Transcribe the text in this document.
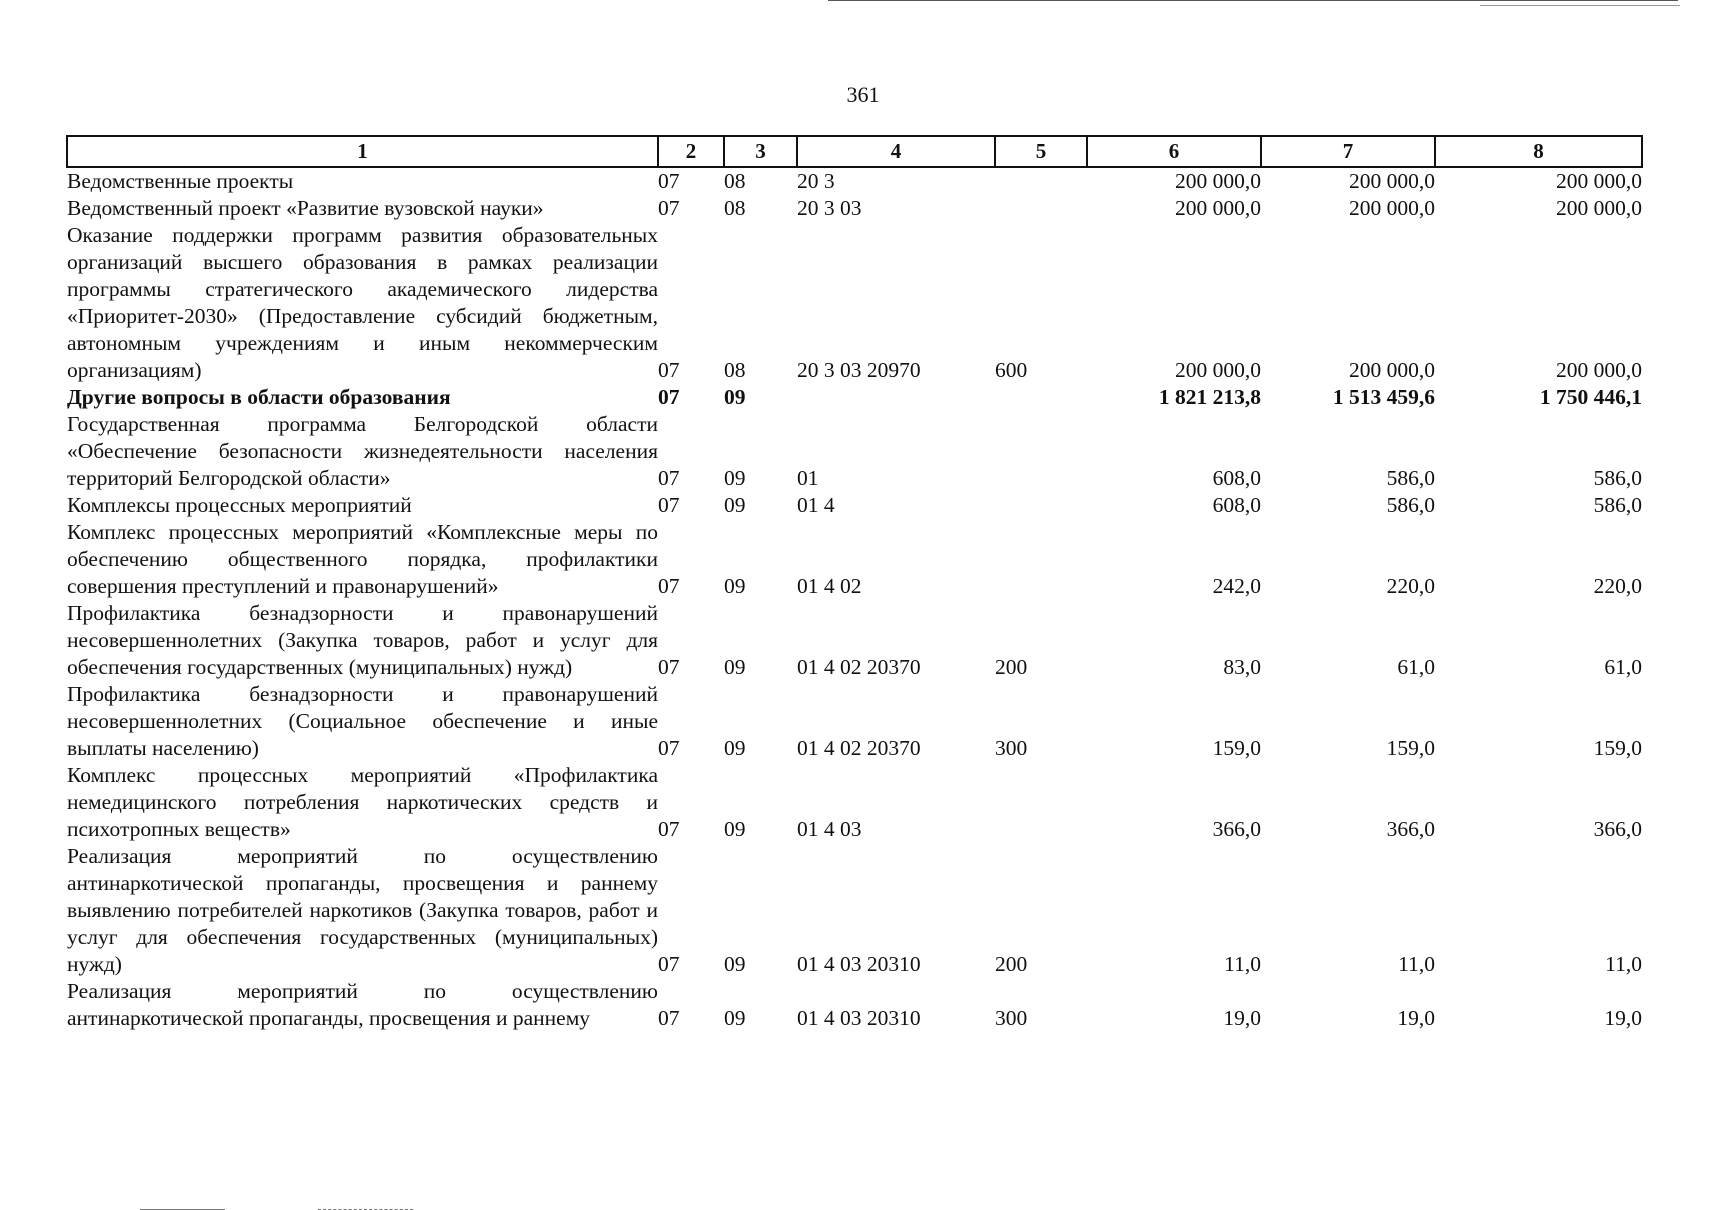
361
1	2	3	4	5	6	7	8
Ведомственные проекты	07	08	20 3		200 000,0	200 000,0	200 000,0
Ведомственный проект «Развитие вузовской науки»	07	08	20 3 03		200 000,0	200 000,0	200 000,0
Оказание поддержки программ развития образовательных организаций высшего образования в рамках реализации программы стратегического академического лидерства «Приоритет-2030» (Предоставление субсидий бюджетным, автономным учреждениям и иным некоммерческим организациям)	07	08	20 3 03 20970	600	200 000,0	200 000,0	200 000,0
Другие вопросы в области образования	07	09			1 821 213,8	1 513 459,6	1 750 446,1
Государственная программа Белгородской области «Обеспечение безопасности жизнедеятельности населения территорий Белгородской области»	07	09	01		608,0	586,0	586,0
Комплексы процессных мероприятий	07	09	01 4		608,0	586,0	586,0
Комплекс процессных мероприятий «Комплексные меры по обеспечению общественного порядка, профилактики совершения преступлений и правонарушений»	07	09	01 4 02		242,0	220,0	220,0
Профилактика безнадзорности и правонарушений несовершеннолетних (Закупка товаров, работ и услуг для обеспечения государственных (муниципальных) нужд)	07	09	01 4 02 20370	200	83,0	61,0	61,0
Профилактика безнадзорности и правонарушений несовершеннолетних (Социальное обеспечение и иные выплаты населению)	07	09	01 4 02 20370	300	159,0	159,0	159,0
Комплекс процессных мероприятий «Профилактика немедицинского потребления наркотических средств и психотропных веществ»	07	09	01 4 03		366,0	366,0	366,0
Реализация мероприятий по осуществлению антинаркотической пропаганды, просвещения и раннему выявлению потребителей наркотиков (Закупка товаров, работ и услуг для обеспечения государственных (муниципальных) нужд)	07	09	01 4 03 20310	200	11,0	11,0	11,0
Реализация мероприятий по осуществлению антинаркотической пропаганды, просвещения и раннему	07	09	01 4 03 20310	300	19,0	19,0	19,0
